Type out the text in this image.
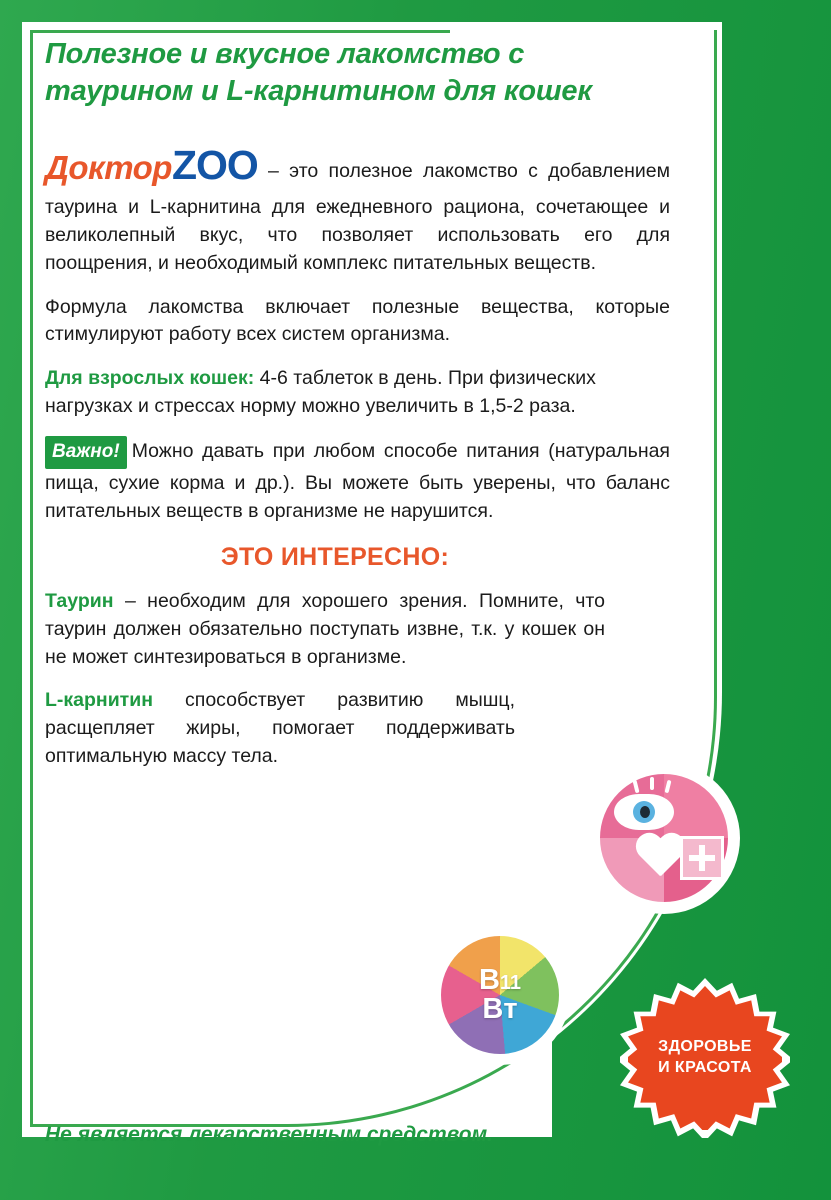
Полезное и вкусное лакомство с таурином и L-карнитином для кошек
ДокторZOO – это полезное лакомство с добавлением таурина и L-карнитина для ежедневного рациона, сочетающее и великолепный вкус, что позволяет использовать его для поощрения, и необходимый комплекс питательных веществ.
Формула лакомства включает полезные вещества, которые стимулируют работу всех систем организма.
Для взрослых кошек: 4-6 таблеток в день. При физических нагрузках и стрессах норму можно увеличить в 1,5-2 раза.
Важно! Можно давать при любом способе питания (натуральная пища, сухие корма и др.). Вы можете быть уверены, что баланс питательных веществ в организме не нарушится.
ЭТО ИНТЕРЕСНО:
Таурин – необходим для хорошего зрения. Помните, что таурин должен обязательно поступать извне, т.к. у кошек он не может синтезироваться в организме.
L-карнитин способствует развитию мышц, расщепляет жиры, помогает поддерживать оптимальную массу тела.
B 11
Bт
ЗДОРОВЬЕ
И КРАСОТА
Не является лекарственным средством.
